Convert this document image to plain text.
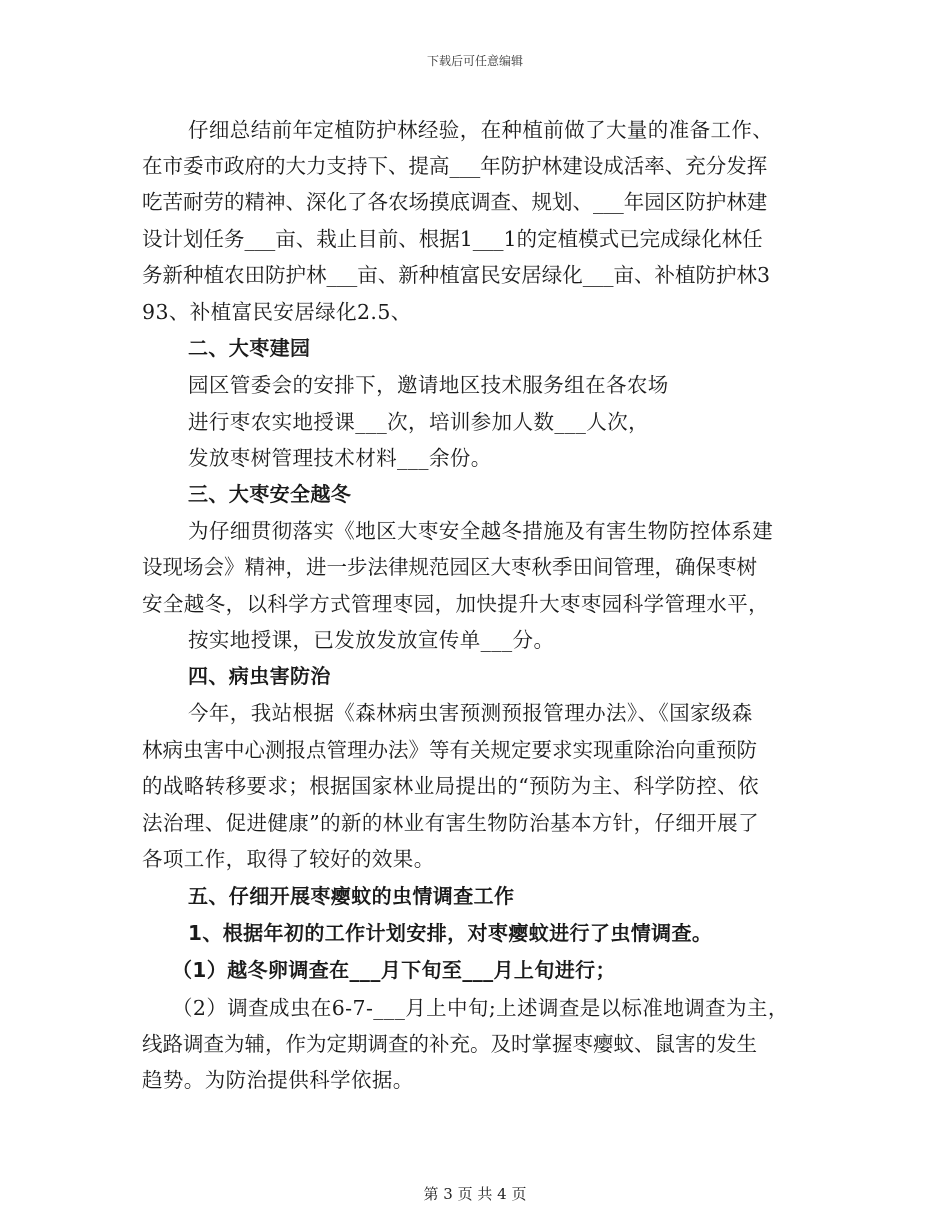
下载后可任意编辑
仔细总结前年定植防护林经验，在种植前做了大量的准备工作、
在市委市政府的大力支持下、提高___年防护林建设成活率、充分发挥
吃苦耐劳的精神、深化了各农场摸底调查、规划、___年园区防护林建
设计划任务___亩、栽止目前、根据1___1的定植模式已完成绿化林任
务新种植农田防护林___亩、新种植富民安居绿化___亩、补植防护林3
93、补植富民安居绿化2.5、
二、大枣建园
园区管委会的安排下，邀请地区技术服务组在各农场
进行枣农实地授课___次，培训参加人数___人次，
发放枣树管理技术材料___余份。
三、大枣安全越冬
为仔细贯彻落实《地区大枣安全越冬措施及有害生物防控体系建
设现场会》精神，进一步法律规范园区大枣秋季田间管理，确保枣树
安全越冬，以科学方式管理枣园，加快提升大枣枣园科学管理水平，
按实地授课，已发放发放宣传单___分。
四、病虫害防治
今年，我站根据《森林病虫害预测预报管理办法》、《国家级森
林病虫害中心测报点管理办法》等有关规定要求实现重除治向重预防
的战略转移要求；根据国家林业局提出的“预防为主、科学防控、依
法治理、促进健康”的新的林业有害生物防治基本方针，仔细开展了
各项工作，取得了较好的效果。
五、仔细开展枣瘿蚊的虫情调查工作
1、根据年初的工作计划安排，对枣瘿蚊进行了虫情调查。
（1）越冬卵调查在___月下旬至___月上旬进行；
（2）调查成虫在6-7-___月上中旬;上述调查是以标准地调查为主，
线路调查为辅，作为定期调查的补充。及时掌握枣瘿蚊、鼠害的发生
趋势。为防治提供科学依据。
第 3 页 共 4 页
